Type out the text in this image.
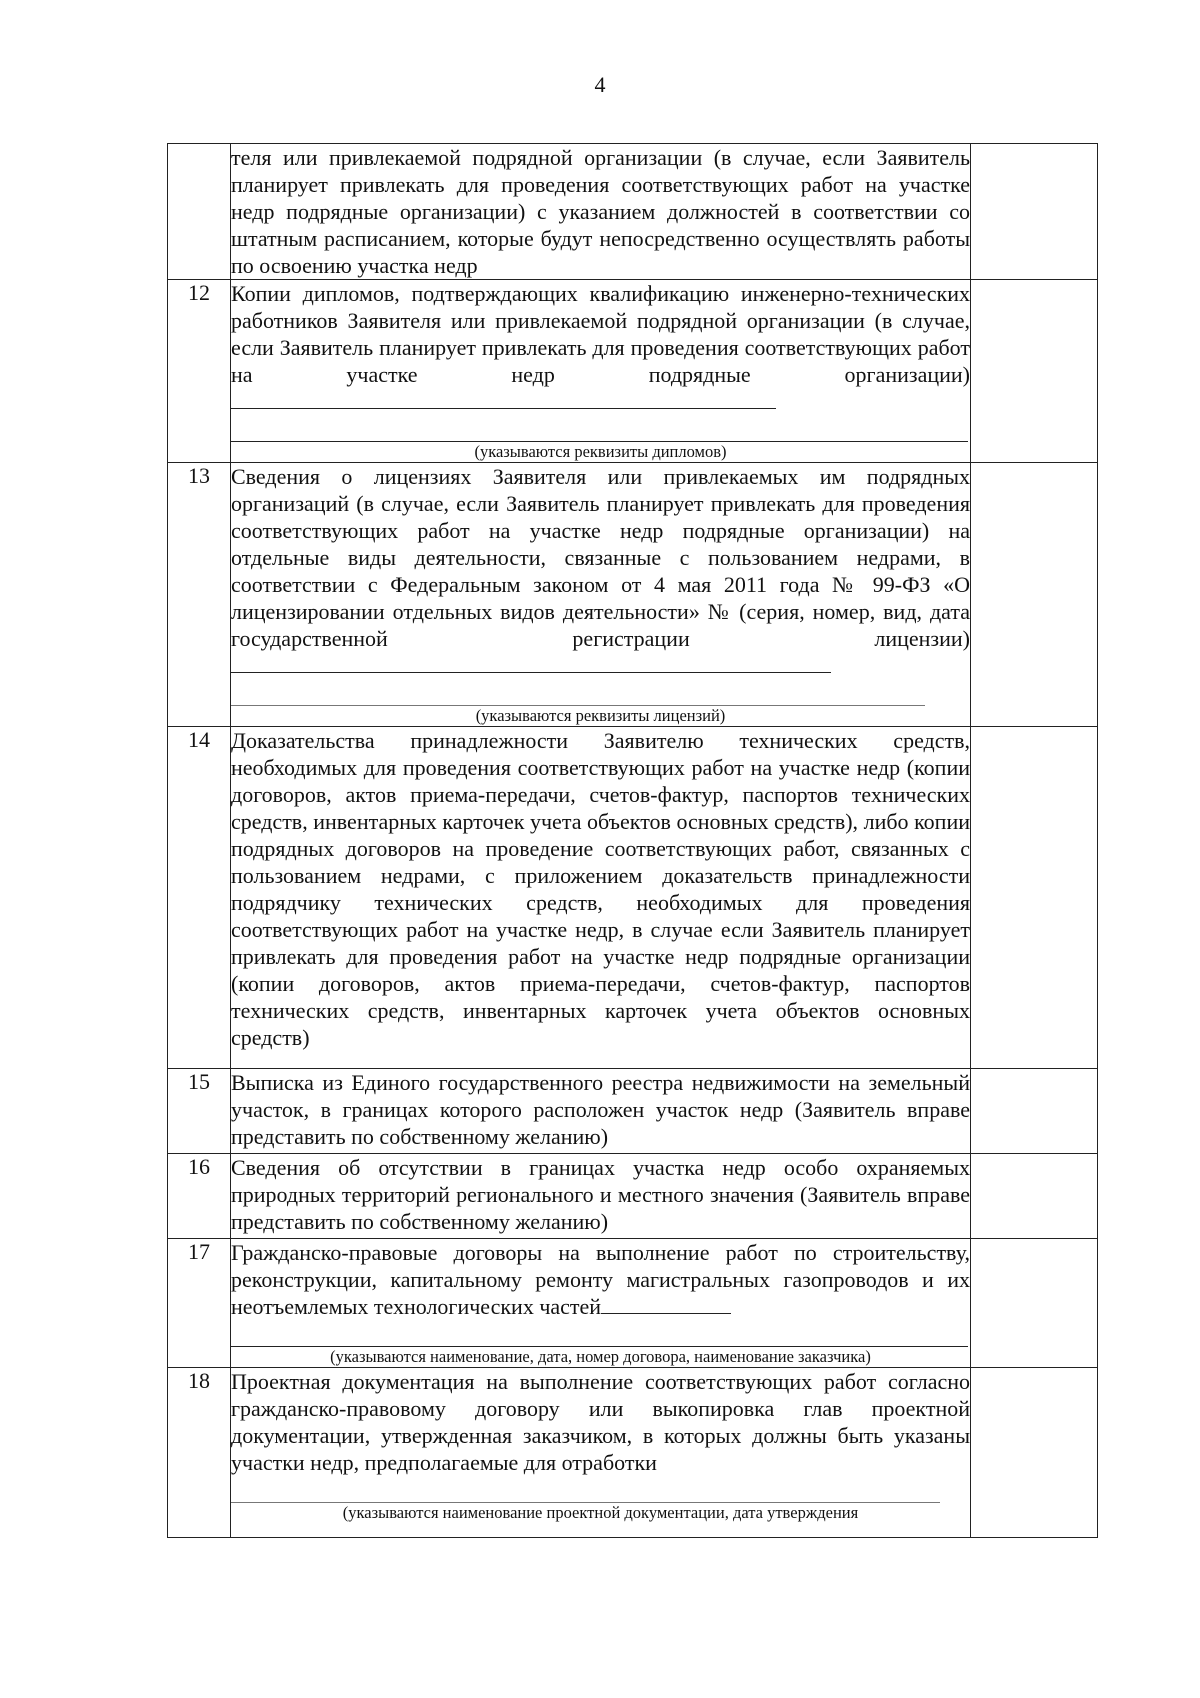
4

	теля или привлекаемой подрядной организации (в случае, если Заявитель планирует привлекать для проведения соответствующих работ на участке недр подрядные организации) с указанием должностей в соответствии со штатным расписанием, которые будут непосредственно осуществлять работы по освоению участка недр	

12	Копии дипломов, подтверждающих квалификацию инженерно-технических работников Заявителя или привлекаемой подрядной организации (в случае, если Заявитель планирует привлекать для проведения соответствующих работ на участке недр подрядные организации)
(указываются реквизиты дипломов)	

13	Сведения о лицензиях Заявителя или привлекаемых им подрядных организаций (в случае, если Заявитель планирует привлекать для проведения соответствующих работ на участке недр подрядные организации) на отдельные виды деятельности, связанные с пользованием недрами, в соответствии с Федеральным законом от 4 мая 2011 года № 99-ФЗ «О лицензировании отдельных видов деятельности» № (серия, номер, вид, дата государственной регистрации лицензии)
(указываются реквизиты лицензий)	

14	Доказательства принадлежности Заявителю технических средств, необходимых для проведения соответствующих работ на участке недр (копии договоров, актов приема-передачи, счетов-фактур, паспортов технических средств, инвентарных карточек учета объектов основных средств), либо копии подрядных договоров на проведение соответствующих работ, связанных с пользованием недрами, с приложением доказательств принадлежности подрядчику технических средств, необходимых для проведения соответствующих работ на участке недр, в случае если Заявитель планирует привлекать для проведения работ на участке недр подрядные организации (копии договоров, актов приема-передачи, счетов-фактур, паспортов технических средств, инвентарных карточек учета объектов основных средств)	

15	Выписка из Единого государственного реестра недвижимости на земельный участок, в границах которого расположен участок недр (Заявитель вправе представить по собственному желанию)	

16	Сведения об отсутствии в границах участка недр особо охраняемых природных территорий регионального и местного значения (Заявитель вправе представить по собственному желанию)	

17	Гражданско-правовые договоры на выполнение работ по строительству, реконструкции, капитальному ремонту магистральных газопроводов и их неотъемлемых технологических частей
(указываются наименование, дата, номер договора, наименование заказчика)	

18	Проектная документация на выполнение соответствующих работ согласно гражданско-правовому договору или выкопировка глав проектной документации, утвержденная заказчиком, в которых должны быть указаны участки недр, предполагаемые для отработки
(указываются наименование проектной документации, дата утверждения	
